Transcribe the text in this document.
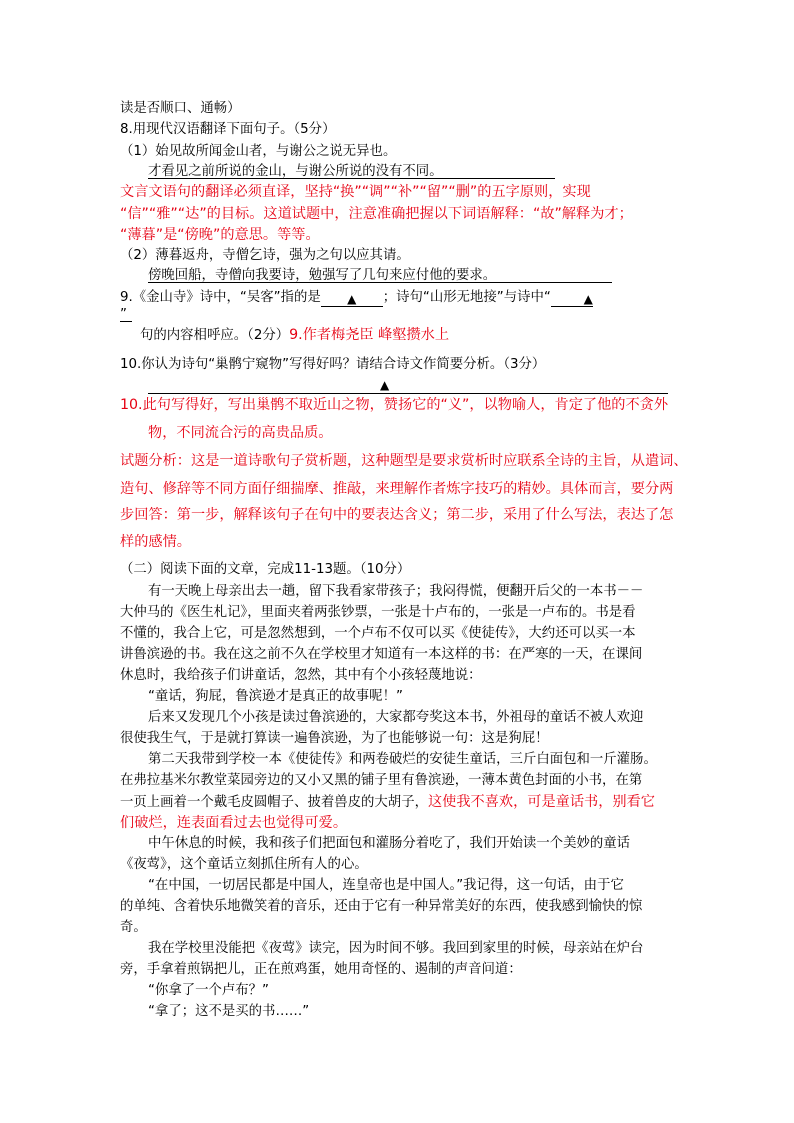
读是否顺口、通畅）
8.用现代汉语翻译下面句子。（5分）
（1）始见故所闻金山者，与谢公之说无异也。
才看见之前所说的金山，与谢公所说的没有不同。
文言文语句的翻译必须直译，坚持“换”“调”“补”“留”“删”的五字原则，实现
“信”“雅”“达”的目标。这道试题中，注意准确把握以下词语解释：“故”解释为才；
“薄暮”是“傍晚”的意思。等等。
（2）薄暮返舟，寺僧乞诗，强为之句以应其请。
傍晚回船，寺僧向我要诗，勉强写了几句来应付他的要求。
9.《金山寺》诗中，“吴客”指的是 ▲ ；诗句“山形无地接”与诗中“	▲
”
句的内容相呼应。（2分）9.作者梅尧臣 峰壑攒水上
10.你认为诗句“巢鹘宁窥物”写得好吗？请结合诗文作简要分析。（3分）
▲
10.此句写得好，写出巢鹘不取近山之物，赞扬它的“义”，以物喻人，肯定了他的不贪外
物，不同流合污的高贵品质。
试题分析：这是一道诗歌句子赏析题，这种题型是要求赏析时应联系全诗的主旨，从遣词、
造句、修辞等不同方面仔细揣摩、推敲，来理解作者炼字技巧的精妙。具体而言，要分两
步回答：第一步，解释该句子在句中的要表达含义；第二步，采用了什么写法，表达了怎
样的感情。
（二）阅读下面的文章，完成11-13题。（10分）
有一天晚上母亲出去一趟，留下我看家带孩子；我闷得慌，便翻开后父的一本书－－
大仲马的《医生札记》，里面夹着两张钞票，一张是十卢布的，一张是一卢布的。书是看
不懂的，我合上它，可是忽然想到，一个卢布不仅可以买《使徒传》，大约还可以买一本
讲鲁滨逊的书。我在这之前不久在学校里才知道有一本这样的书：在严寒的一天，在课间
休息时，我给孩子们讲童话，忽然，其中有个小孩轻蔑地说：
“童话，狗屁，鲁滨逊才是真正的故事呢！”
后来又发现几个小孩是读过鲁滨逊的，大家都夸奖这本书，外祖母的童话不被人欢迎
很使我生气，于是就打算读一遍鲁滨逊，为了也能够说一句：这是狗屁！
第二天我带到学校一本《使徒传》和两卷破烂的安徒生童话，三斤白面包和一斤灌肠。
在弗拉基米尔教堂菜园旁边的又小又黑的铺子里有鲁滨逊，一薄本黄色封面的小书，在第
一页上画着一个戴毛皮圆帽子、披着兽皮的大胡子，这使我不喜欢，可是童话书，别看它
们破烂，连表面看过去也觉得可爱。
中午休息的时候，我和孩子们把面包和灌肠分着吃了，我们开始读一个美妙的童话
《夜莺》，这个童话立刻抓住所有人的心。
“在中国，一切居民都是中国人，连皇帝也是中国人。”我记得，这一句话，由于它
的单纯、含着快乐地微笑着的音乐，还由于它有一种异常美好的东西，使我感到愉快的惊
奇。
我在学校里没能把《夜莺》读完，因为时间不够。我回到家里的时候，母亲站在炉台
旁，手拿着煎锅把儿，正在煎鸡蛋，她用奇怪的、遏制的声音问道：
“你拿了一个卢布？”
“拿了；这不是买的书……”
